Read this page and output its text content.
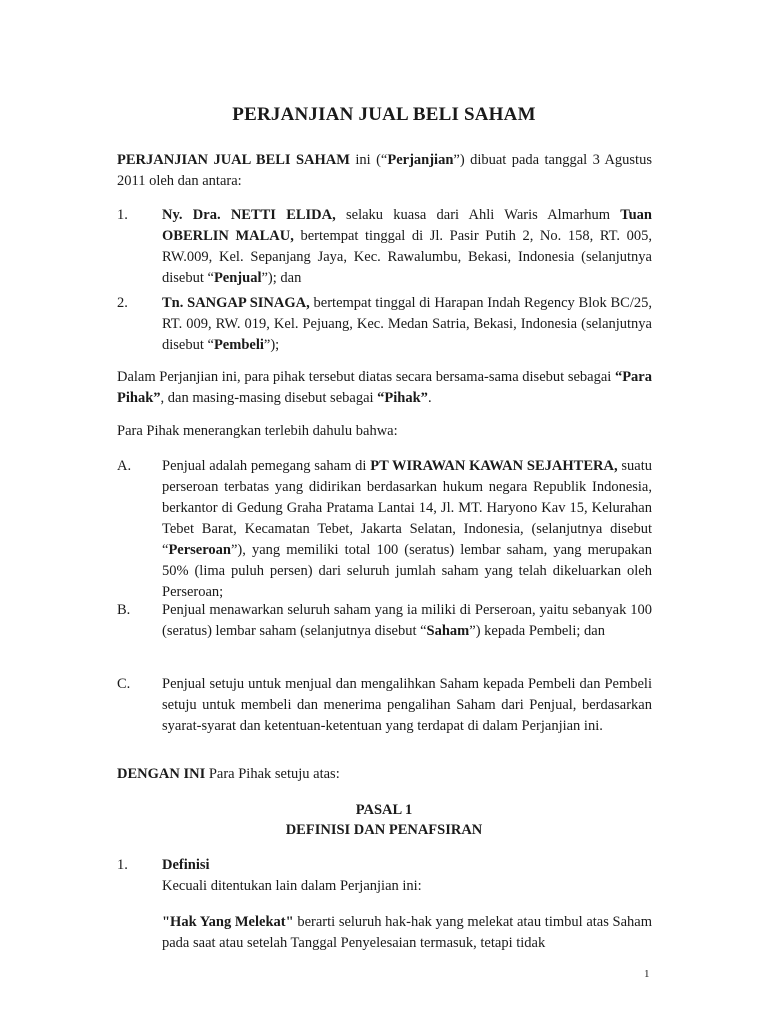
PERJANJIAN JUAL BELI SAHAM
PERJANJIAN JUAL BELI SAHAM ini (“Perjanjian”) dibuat pada tanggal 3 Agustus 2011 oleh dan antara:
1. Ny. Dra. NETTI ELIDA, selaku kuasa dari Ahli Waris Almarhum Tuan OBERLIN MALAU, bertempat tinggal di Jl. Pasir Putih 2, No. 158, RT. 005, RW.009, Kel. Sepanjang Jaya, Kec. Rawalumbu, Bekasi, Indonesia (selanjutnya disebut “Penjual”); dan
2. Tn. SANGAP SINAGA, bertempat tinggal di Harapan Indah Regency Blok BC/25, RT. 009, RW. 019, Kel. Pejuang, Kec. Medan Satria, Bekasi, Indonesia (selanjutnya disebut “Pembeli”);
Dalam Perjanjian ini, para pihak tersebut diatas secara bersama-sama disebut sebagai “Para Pihak”, dan masing-masing disebut sebagai “Pihak”.
Para Pihak menerangkan terlebih dahulu bahwa:
A. Penjual adalah pemegang saham di PT WIRAWAN KAWAN SEJAHTERA, suatu perseroan terbatas yang didirikan berdasarkan hukum negara Republik Indonesia, berkantor di Gedung Graha Pratama Lantai 14, Jl. MT. Haryono Kav 15, Kelurahan Tebet Barat, Kecamatan Tebet, Jakarta Selatan, Indonesia, (selanjutnya disebut “Perseroan”), yang memiliki total 100 (seratus) lembar saham, yang merupakan 50% (lima puluh persen) dari seluruh jumlah saham yang telah dikeluarkan oleh Perseroan;
B. Penjual menawarkan seluruh saham yang ia miliki di Perseroan, yaitu sebanyak 100 (seratus) lembar saham (selanjutnya disebut “Saham”) kepada Pembeli; dan
C. Penjual setuju untuk menjual dan mengalihkan Saham kepada Pembeli dan Pembeli setuju untuk membeli dan menerima pengalihan Saham dari Penjual, berdasarkan syarat-syarat dan ketentuan-ketentuan yang terdapat di dalam Perjanjian ini.
DENGAN INI Para Pihak setuju atas:
PASAL 1
DEFINISI DAN PENAFSIRAN
1. Definisi
Kecuali ditentukan lain dalam Perjanjian ini:
"Hak Yang Melekat" berarti seluruh hak-hak yang melekat atau timbul atas Saham pada saat atau setelah Tanggal Penyelesaian termasuk, tetapi tidak
1
